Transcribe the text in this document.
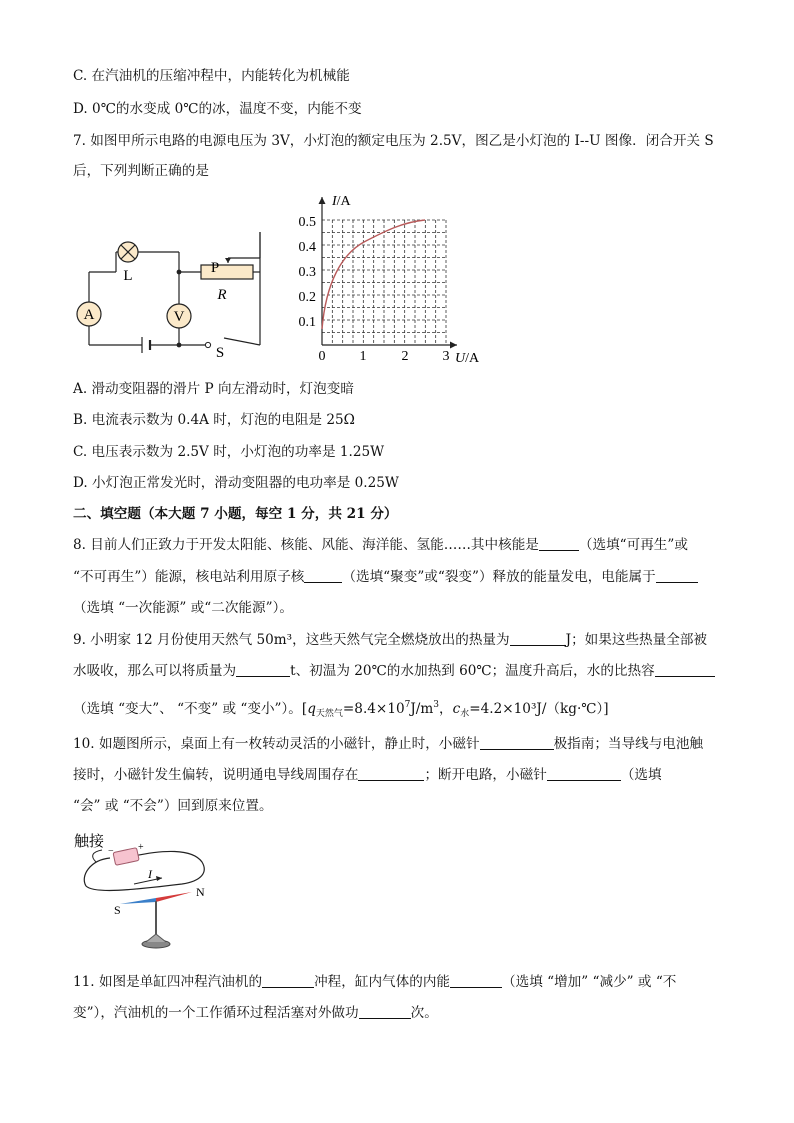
C. 在汽油机的压缩冲程中，内能转化为机械能
D. 0℃的水变成 0℃的冰，温度不变，内能不变
7. 如图甲所示电路的电源电压为 3V，小灯泡的额定电压为 2.5V，图乙是小灯泡的 I--U 图像．闭合开关 S
后，下列判断正确的是
A	V
L	P
R
S
I/A
U/A
0.5
0.4
0.3
0.2
0.1
0 1	2 3
A. 滑动变阻器的滑片 P 向左滑动时，灯泡变暗
B. 电流表示数为 0.4A 时，灯泡的电阻是 25Ω
C. 电压表示数为 2.5V 时，小灯泡的功率是 1.25W
D. 小灯泡正常发光时，滑动变阻器的电功率是 0.25W
二、填空题（本大题 7 小题，每空 1 分，共 21 分）
8. 目前人们正致力于开发太阳能、核能、风能、海洋能、氢能……其中核能是	（选填“可再生”或
“不可再生”）能源，核电站利用原子核	（选填“聚变”或“裂变”）释放的能量发电，电能属于
（选填 “一次能源” 或“二次能源”）。
9. 小明家 12 月份使用天然气 50m³，这些天然气完全燃烧放出的热量为	J；如果这些热量全部被
水吸收，那么可以将质量为	t、初温为 20℃的水加热到 60℃；温度升高后，水的比热容
（选填 “变大”、 “不变” 或 “变小”）。[$q_{天然气}=8.4\times 10^7J/m^3$，$c_水=4.2\times 10^3J/(kg\cdot℃)$]
10. 如题图所示，桌面上有一枚转动灵活的小磁针，静止时，小磁针	极指南；当导线与电池触
接时，小磁针发生偏转，说明通电导线周围存在	；断开电路，小磁针	（选填
“会” 或 “不会”）回到原来位置。
触接
− +
I
S
N
11. 如图是单缸四冲程汽油机的	冲程，缸内气体的内能	（选填 “增加” “减少” 或 “不
变”），汽油机的一个工作循环过程活塞对外做功	次。
